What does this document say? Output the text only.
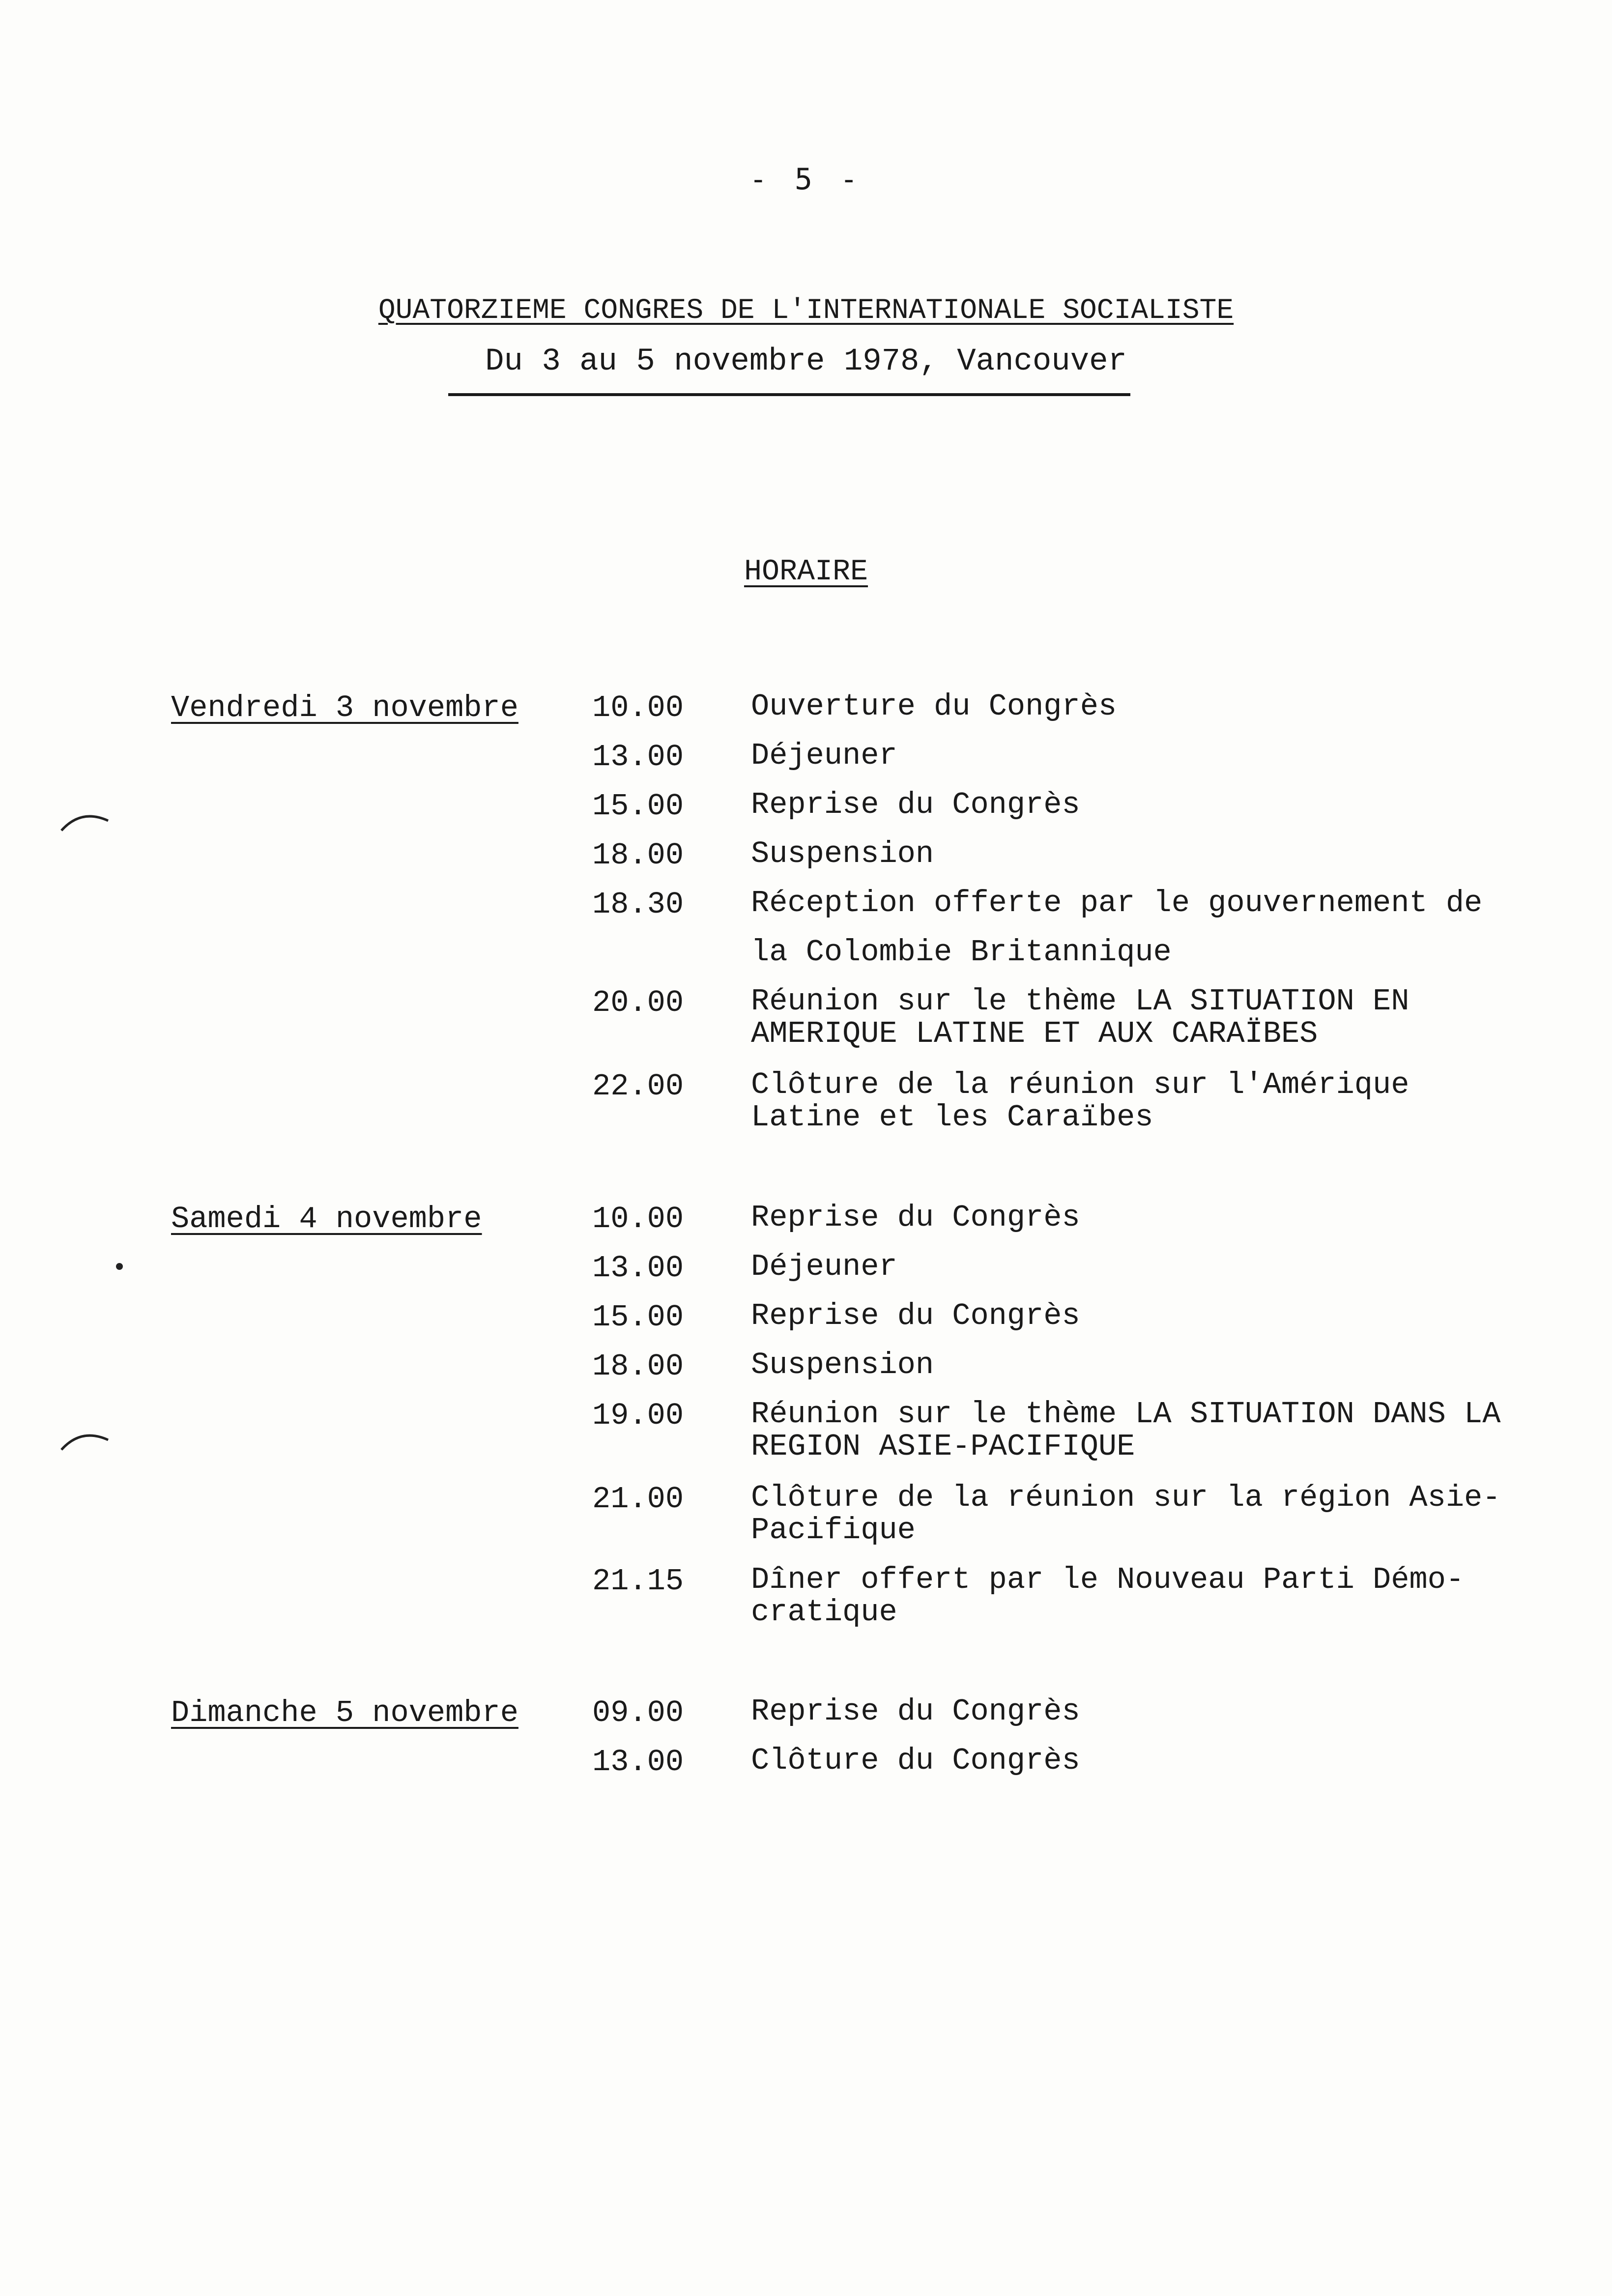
- 5 -
QUATORZIEME CONGRES DE L'INTERNATIONALE SOCIALISTE
Du 3 au 5 novembre 1978, Vancouver
HORAIRE
Vendredi 3 novembre	10.00 Ouverture du Congrès
13.00 Déjeuner
15.00 Reprise du Congrès
18.00 Suspension
18.30 Réception offerte par le gouvernement de
la Colombie Britannique
20.00 Réunion sur le thème LA SITUATION EN
AMERIQUE LATINE ET AUX CARAÏBES
22.00 Clôture de la réunion sur l'Amérique
Latine et les Caraïbes
Samedi 4 novembre	10.00 Reprise du Congrès
13.00 Déjeuner
15.00 Reprise du Congrès
18.00 Suspension
19.00 Réunion sur le thème LA SITUATION DANS LA
REGION ASIE-PACIFIQUE
21.00 Clôture de la réunion sur la région Asie-
Pacifique
21.15 Dîner offert par le Nouveau Parti Démo-
cratique
Dimanche 5 novembre	09.00 Reprise du Congrès
13.00 Clôture du Congrès
